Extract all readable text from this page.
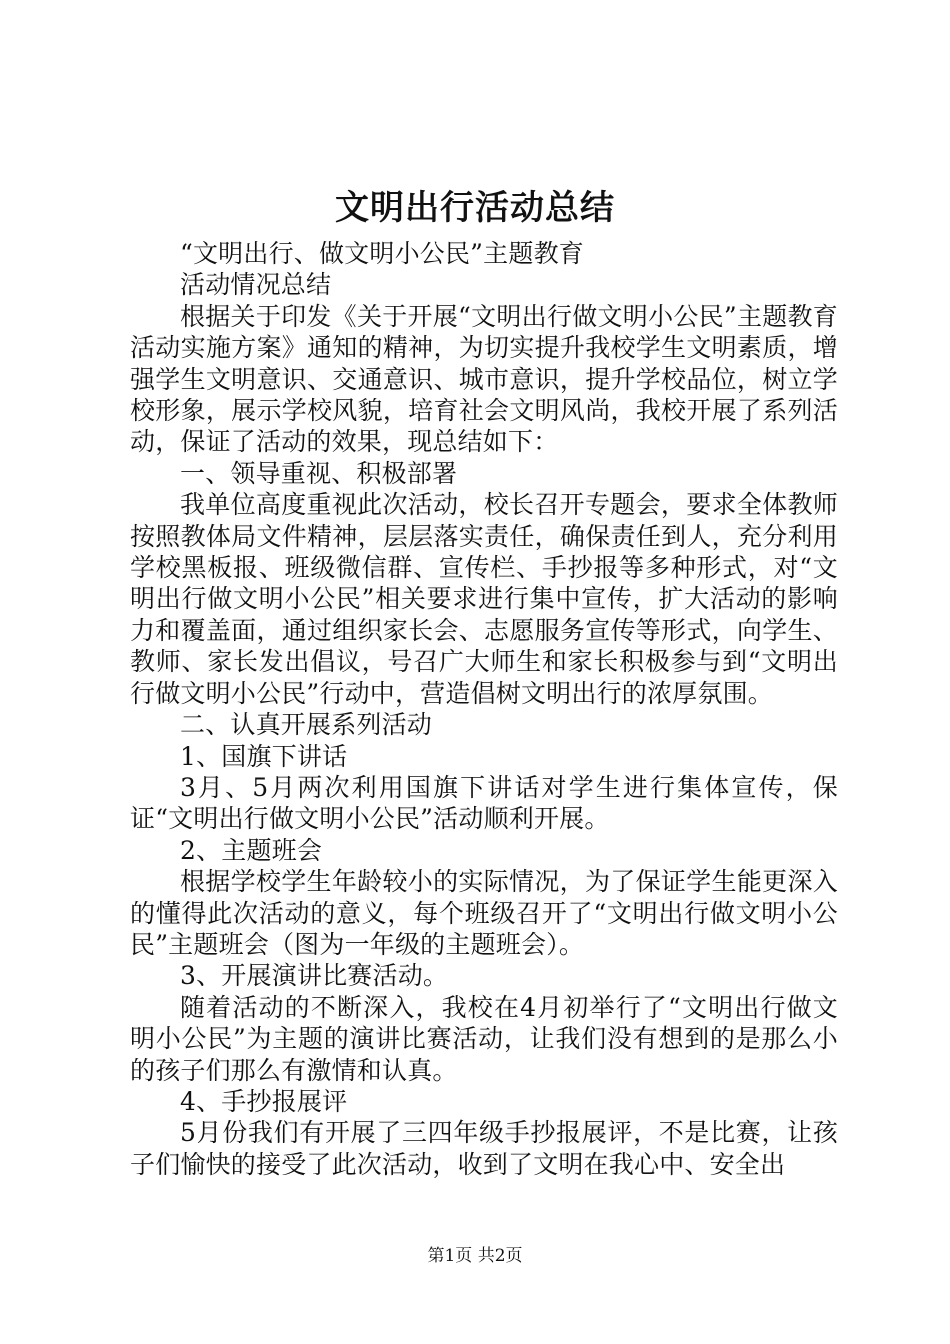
文明出行活动总结

“文明出行、做文明小公民”主题教育

活动情况总结

根据关于印发《关于开展“文明出行做文明小公民”主题教育活动实施方案》通知的精神，为切实提升我校学生文明素质，增强学生文明意识、交通意识、城市意识，提升学校品位，树立学校形象，展示学校风貌，培育社会文明风尚，我校开展了系列活动，保证了活动的效果，现总结如下：

一、领导重视、积极部署

我单位高度重视此次活动，校长召开专题会，要求全体教师按照教体局文件精神，层层落实责任，确保责任到人，充分利用学校黑板报、班级微信群、宣传栏、手抄报等多种形式，对“文明出行做文明小公民”相关要求进行集中宣传，扩大活动的影响力和覆盖面，通过组织家长会、志愿服务宣传等形式，向学生、教师、家长发出倡议，号召广大师生和家长积极参与到“文明出行做文明小公民”行动中，营造倡树文明出行的浓厚氛围。

二、认真开展系列活动

1、国旗下讲话

3月、5月两次利用国旗下讲话对学生进行集体宣传，保证“文明出行做文明小公民”活动顺利开展。

2、主题班会

根据学校学生年龄较小的实际情况，为了保证学生能更深入的懂得此次活动的意义，每个班级召开了“文明出行做文明小公民”主题班会（图为一年级的主题班会）。

3、开展演讲比赛活动。

随着活动的不断深入，我校在4月初举行了“文明出行做文明小公民”为主题的演讲比赛活动，让我们没有想到的是那么小的孩子们那么有激情和认真。

4、手抄报展评

5月份我们有开展了三四年级手抄报展评，不是比赛，让孩子们愉快的接受了此次活动，收到了文明在我心中、安全出

第1页 共2页
